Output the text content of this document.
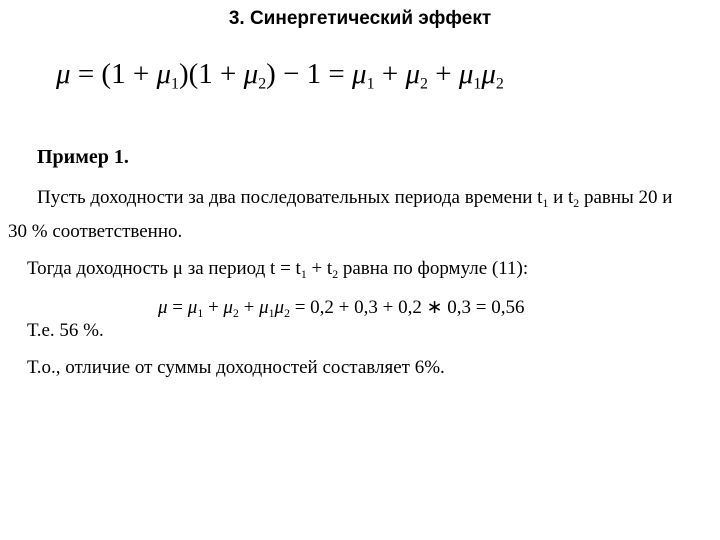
3. Синергетический эффект
$\mu = (1 + \mu_1)(1 + \mu_2) - 1 = \mu_1 + \mu_2 + \mu_1\mu_2$
Пример 1.
Пусть доходности за два последовательных периода времени $t_1$ и $t_2$ равны 20 и
30 % соответственно.
Тогда доходность μ за период $t = t_1 + t_2$ равна по формуле (11):
$\mu = \mu_1 + \mu_2 + \mu_1\mu_2 = 0,2 + 0,3 + 0,2$ ∗ 0,3 = 0,56
Т.е. 56 %.
Т.о., отличие от суммы доходностей составляет 6%.
